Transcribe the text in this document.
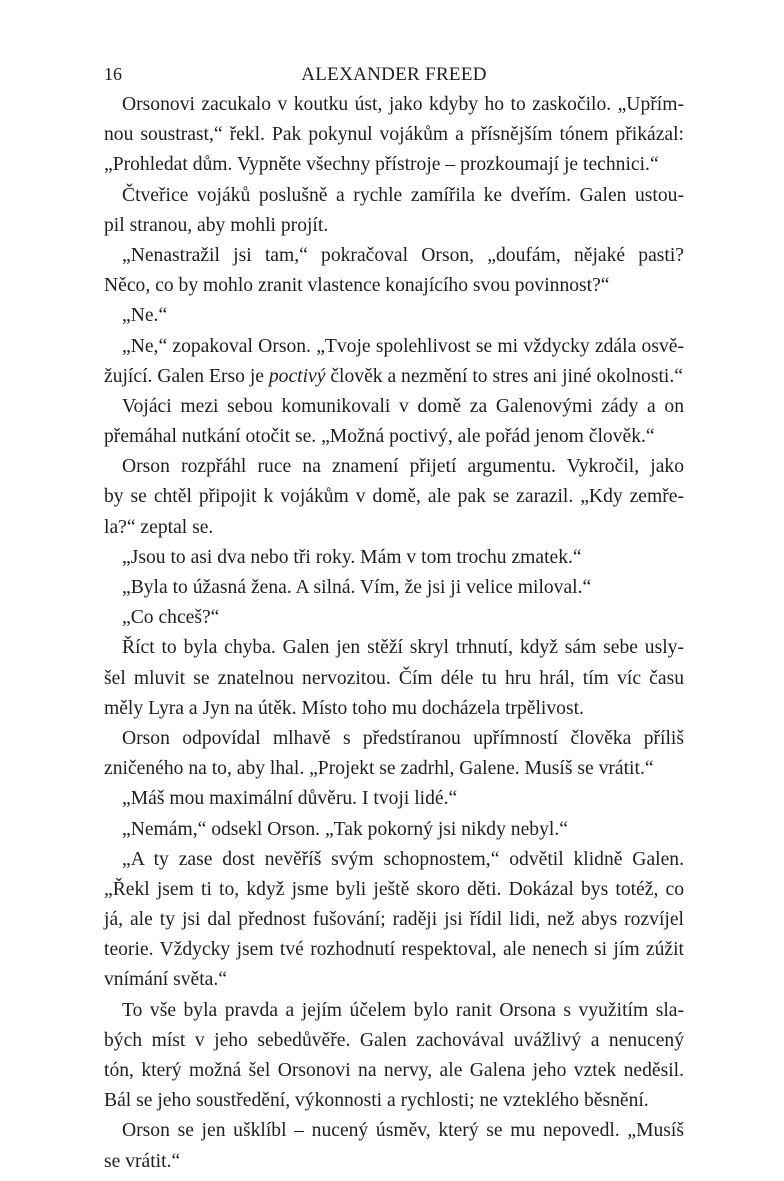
16	ALEXANDER FREED
Orsonovi zacukalo v koutku úst, jako kdyby ho to zaskočilo. „Upřím-
nou soustrast,“ řekl. Pak pokynul vojákům a přísnějším tónem přikázal:
„Prohledat dům. Vypněte všechny přístroje – prozkoumají je technici.“
Čtveřice vojáků poslušně a rychle zamířila ke dveřím. Galen ustou-
pil stranou, aby mohli projít.
„Nenastražil jsi tam,“ pokračoval Orson, „doufám, nějaké pasti?
Něco, co by mohlo zranit vlastence konajícího svou povinnost?“
„Ne.“
„Ne,“ zopakoval Orson. „Tvoje spolehlivost se mi vždycky zdála osvě-
žující. Galen Erso je poctivý člověk a nezmění to stres ani jiné okolnosti.“
Vojáci mezi sebou komunikovali v domě za Galenovými zády a on
přemáhal nutkání otočit se. „Možná poctivý, ale pořád jenom člověk.“
Orson rozpřáhl ruce na znamení přijetí argumentu. Vykročil, jako
by se chtěl připojit k vojákům v domě, ale pak se zarazil. „Kdy zemře-
la?“ zeptal se.
„Jsou to asi dva nebo tři roky. Mám v tom trochu zmatek.“
„Byla to úžasná žena. A silná. Vím, že jsi ji velice miloval.“
„Co chceš?“
Říct to byla chyba. Galen jen stěží skryl trhnutí, když sám sebe usly-
šel mluvit se znatelnou nervozitou. Čím déle tu hru hrál, tím víc času
měly Lyra a Jyn na útěk. Místo toho mu docházela trpělivost.
Orson odpovídal mlhavě s předstíranou upřímností člověka příliš
zničeného na to, aby lhal. „Projekt se zadrhl, Galene. Musíš se vrátit.“
„Máš mou maximální důvěru. I tvoji lidé.“
„Nemám,“ odsekl Orson. „Tak pokorný jsi nikdy nebyl.“
„A ty zase dost nevěříš svým schopnostem,“ odvětil klidně Galen.
„Řekl jsem ti to, když jsme byli ještě skoro děti. Dokázal bys totéž, co
já, ale ty jsi dal přednost fušování; raději jsi řídil lidi, než abys rozvíjel
teorie. Vždycky jsem tvé rozhodnutí respektoval, ale nenech si jím zúžit
vnímání světa.“
To vše byla pravda a jejím účelem bylo ranit Orsona s využitím sla-
bých míst v jeho sebedůvěře. Galen zachovával uvážlivý a nenucený
tón, který možná šel Orsonovi na nervy, ale Galena jeho vztek neděsil.
Bál se jeho soustředění, výkonnosti a rychlosti; ne vzteklého běsnění.
Orson se jen ušklíbl – nucený úsměv, který se mu nepovedl. „Musíš
se vrátit.“
